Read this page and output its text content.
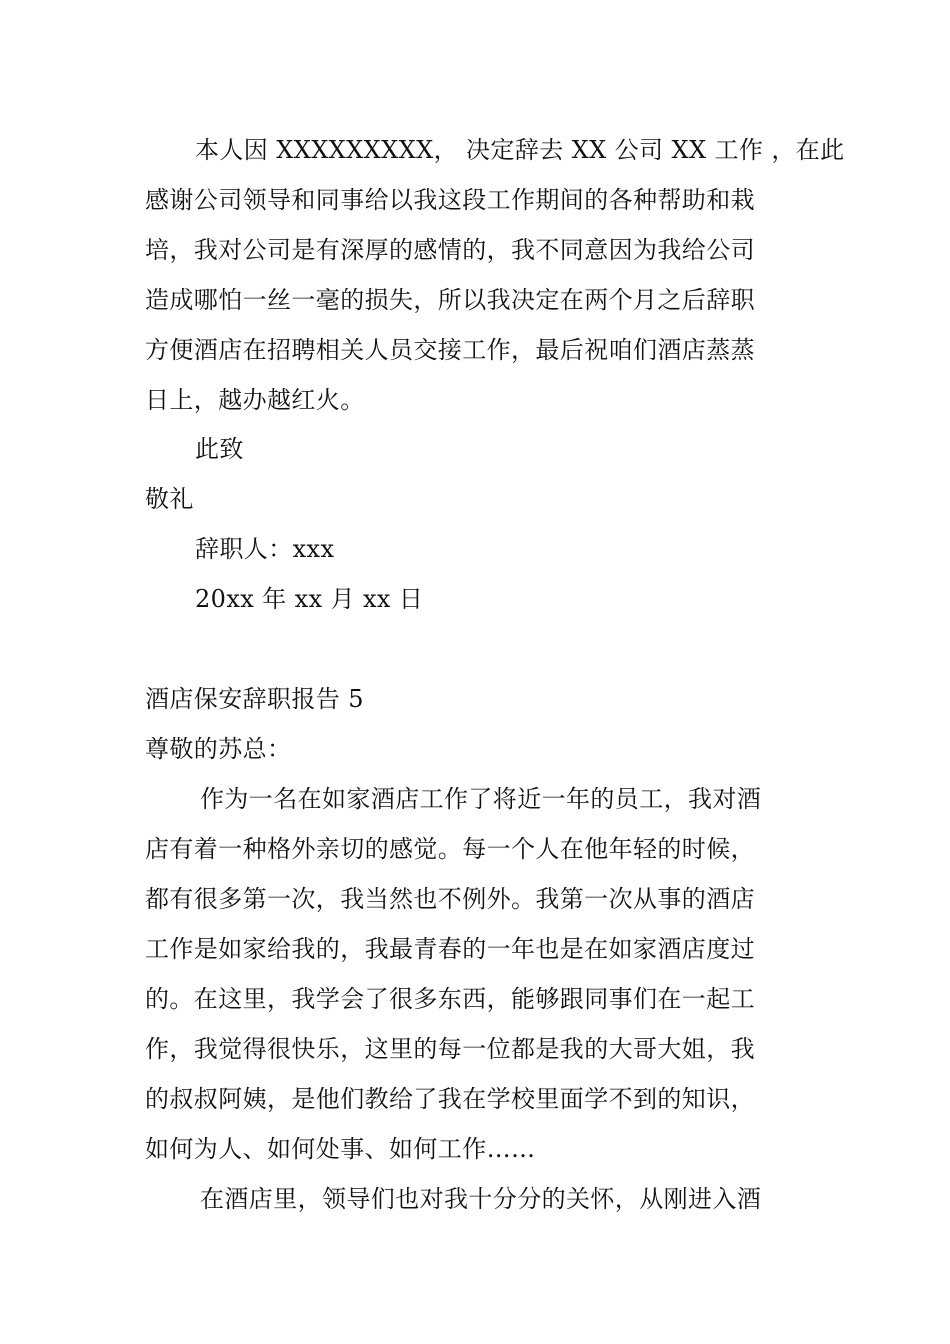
本人因 XXXXXXXXX， 决定辞去 XX 公司 XX 工作 ，在此
感谢公司领导和同事给以我这段工作期间的各种帮助和栽
培，我对公司是有深厚的感情的，我不同意因为我给公司
造成哪怕一丝一毫的损失，所以我决定在两个月之后辞职
方便酒店在招聘相关人员交接工作，最后祝咱们酒店蒸蒸
日上，越办越红火。
此致
敬礼
辞职人：xxx
20xx 年 xx 月 xx 日
酒店保安辞职报告 5
尊敬的苏总：
作为一名在如家酒店工作了将近一年的员工，我对酒
店有着一种格外亲切的感觉。每一个人在他年轻的时候，
都有很多第一次，我当然也不例外。我第一次从事的酒店
工作是如家给我的，我最青春的一年也是在如家酒店度过
的。在这里，我学会了很多东西，能够跟同事们在一起工
作，我觉得很快乐，这里的每一位都是我的大哥大姐，我
的叔叔阿姨，是他们教给了我在学校里面学不到的知识，
如何为人、如何处事、如何工作……
在酒店里，领导们也对我十分分的关怀，从刚进入酒
